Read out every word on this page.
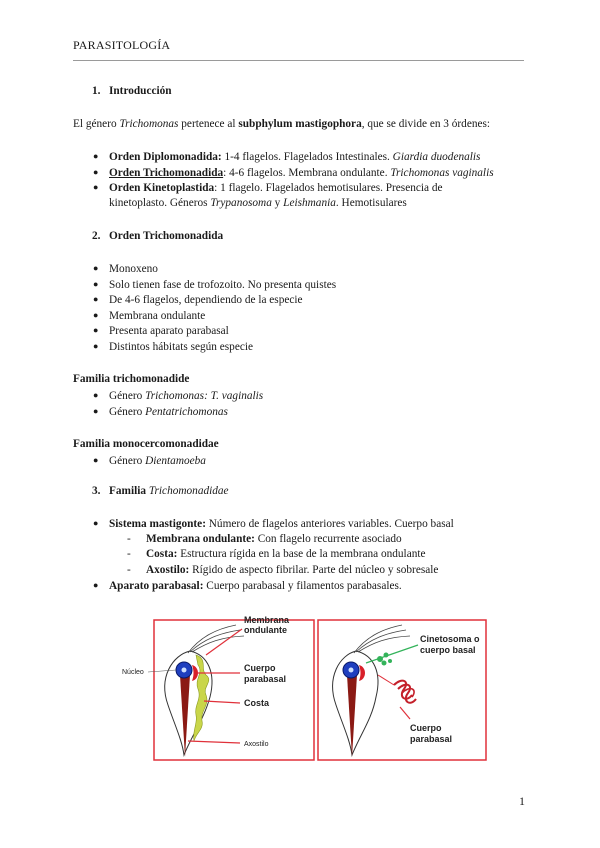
PARASITOLOGÍA
1. Introducción
El género Trichomonas pertenece al subphylum mastigophora, que se divide en 3 órdenes:
● Orden Diplomonadida: 1-4 flagelos. Flagelados Intestinales. Giardia duodenalis
● Orden Trichomonadida: 4-6 flagelos. Membrana ondulante. Trichomonas vaginalis
● Orden Kinetoplastida: 1 flagelo. Flagelados hemotisulares. Presencia de
kinetoplasto. Géneros Trypanosoma y Leishmania. Hemotisulares
2. Orden Trichomonadida
● Monoxeno
● Solo tienen fase de trofozoito. No presenta quistes
● De 4-6 flagelos, dependiendo de la especie
● Membrana ondulante
● Presenta aparato parabasal
● Distintos hábitats según especie
Familia trichomonadide
● Género Trichomonas: T. vaginalis
● Género Pentatrichomonas
Familia monocercomonadidae
● Género Dientamoeba
3. Familia Trichomonadidae
● Sistema mastigonte: Número de flagelos anteriores variables. Cuerpo basal
- Membrana ondulante: Con flagelo recurrente asociado
- Costa: Estructura rígida en la base de la membrana ondulante
- Axostilo: Rígido de aspecto fibrilar. Parte del núcleo y sobresale
● Aparato parabasal: Cuerpo parabasal y filamentos parabasales.
Núcleo
Membrana
ondulante
Cuerpo
parabasal
Costa
Axostilo
Cinetosoma o
cuerpo basal
Cuerpo
parabasal
1
